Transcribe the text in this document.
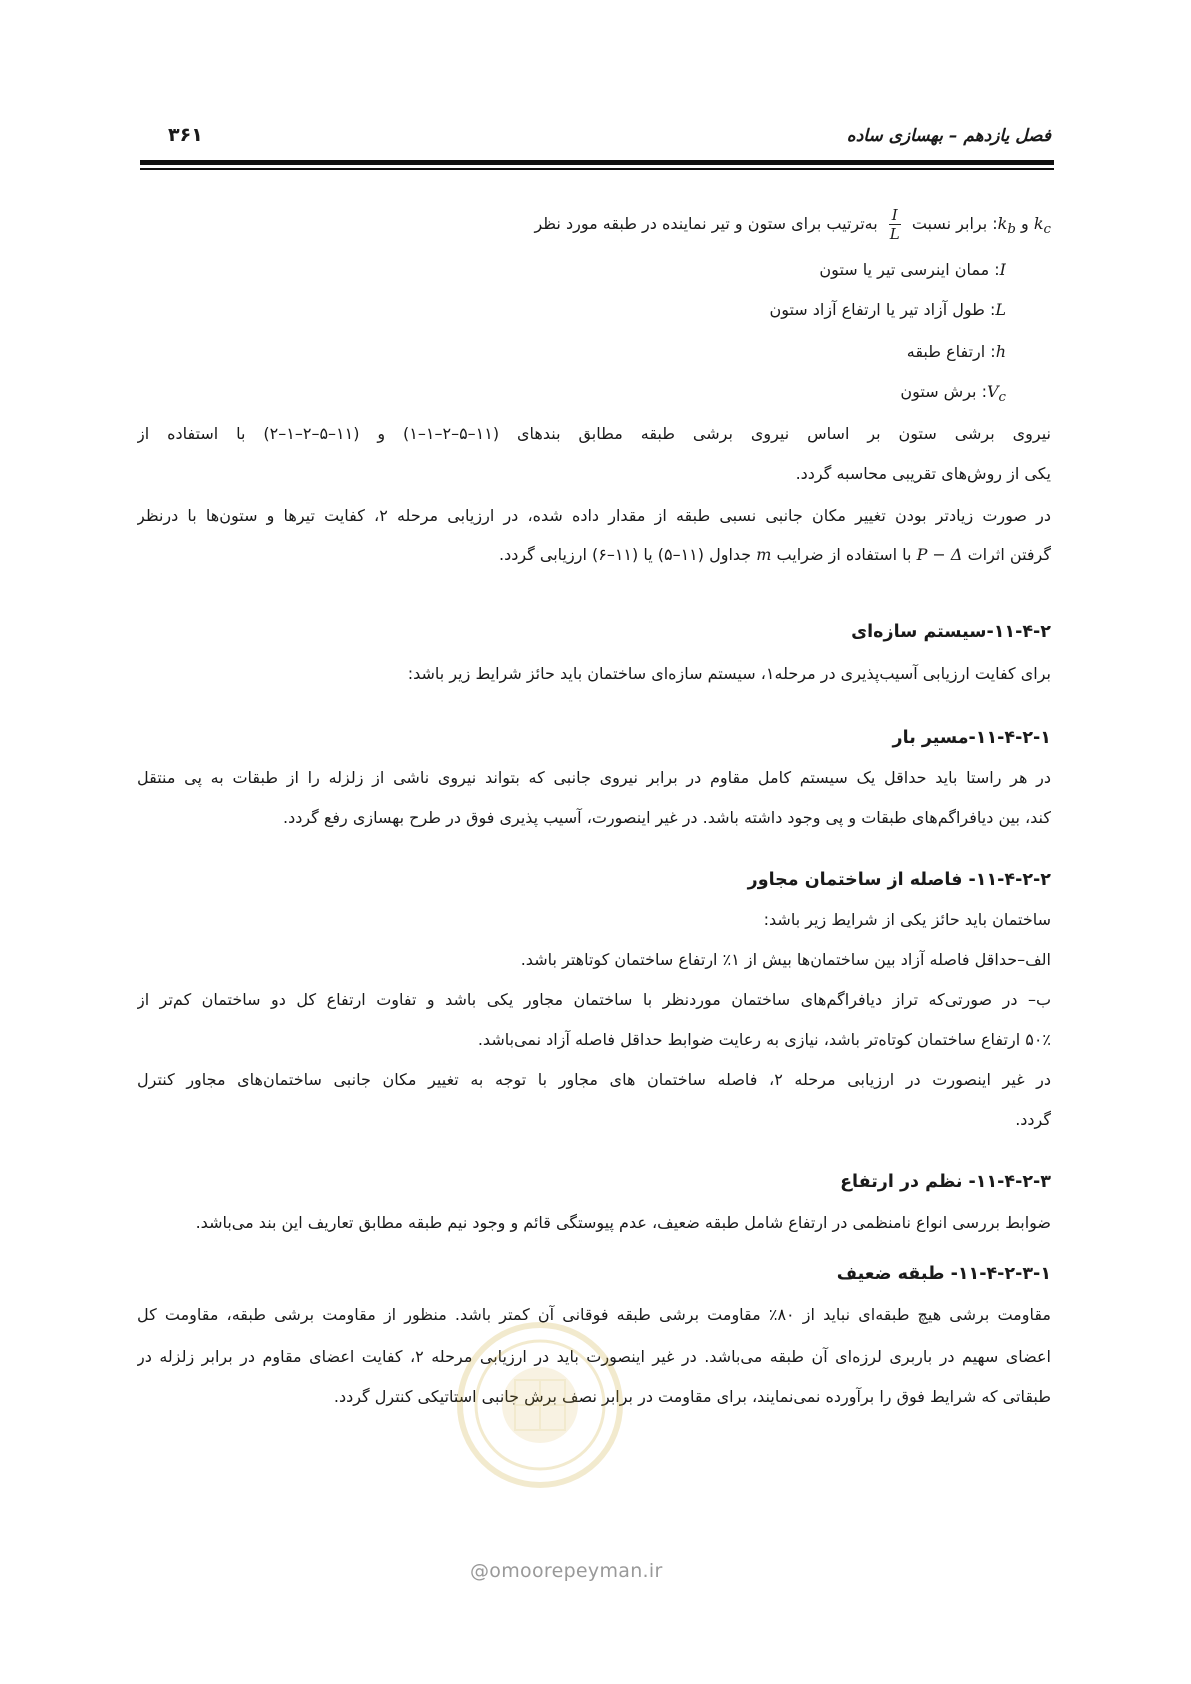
فصل یازدهم – بهسازی ساده
۳۶۱
$k_c$ و $k_b$: برابر نسبت
$\frac{I}{L}$
به‌ترتیب برای ستون و تیر نماینده در طبقه مورد نظر
I: ممان اینرسی تیر یا ستون
L: طول آزاد تیر یا ارتفاع آزاد ستون
h: ارتفاع طبقه
$V_c$: برش ستون
نیروی برشی ستون بر اساس نیروی برشی طبقه مطابق بندهای (۱۱–۵–۲–۱–۱) و (۱۱–۵–۲–۱–۲) با استفاده از
یکی از روش‌های تقریبی محاسبه گردد.
در صورت زیادتر بودن تغییر مکان جانبی نسبی طبقه از مقدار داده شده، در ارزیابی مرحله ۲، کفایت تیرها و ستون‌ها با درنظر
گرفتن اثرات P − Δ با استفاده از ضرایب m جداول (۱۱–۵) یا (۱۱–۶) ارزیابی گردد.
۱۱-۴-۲-سیستم سازه‌ای
برای کفایت ارزیابی آسیب‌پذیری در مرحله۱، سیستم سازه‌ای ساختمان باید حائز شرایط زیر باشد:
۱۱-۴-۲-۱-مسیر بار
در هر راستا باید حداقل یک سیستم کامل مقاوم در برابر نیروی جانبی که بتواند نیروی ناشی از زلزله را از طبقات به پی منتقل
کند، بین دیافراگم‌های طبقات و پی وجود داشته باشد. در غیر اینصورت، آسیب پذیری فوق در طرح بهسازی رفع گردد.
۱۱-۴-۲-۲- فاصله از ساختمان مجاور
ساختمان باید حائز یکی از شرایط زیر باشد:
الف–حداقل فاصله آزاد بین ساختمان‌ها بیش از ۱٪ ارتفاع ساختمان کوتاهتر باشد.
ب– در صورتی‌که تراز دیافراگم‌های ساختمان موردنظر با ساختمان مجاور یکی باشد و تفاوت ارتفاع کل دو ساختمان کم‌تر از
۵۰٪ ارتفاع ساختمان کوتاه‌تر باشد، نیازی به رعایت ضوابط حداقل فاصله آزاد نمی‌باشد.
در غیر اینصورت در ارزیابی مرحله ۲، فاصله ساختمان های مجاور با توجه به تغییر مکان جانبی ساختمان‌های مجاور کنترل
گردد.
۱۱-۴-۲-۳- نظم در ارتفاع
ضوابط بررسی انواع نامنظمی در ارتفاع شامل طبقه ضعیف، عدم پیوستگی قائم و وجود نیم طبقه مطابق تعاریف این بند می‌باشد.
۱۱-۴-۲-۳-۱- طبقه ضعیف
مقاومت برشی هیچ طبقه‌ای نباید از ۸۰٪ مقاومت برشی طبقه فوقانی آن کمتر باشد. منظور از مقاومت برشی طبقه، مقاومت کل
اعضای سهیم در باربری لرزه‌ای آن طبقه می‌باشد. در غیر اینصورت باید در ارزیابی مرحله ۲، کفایت اعضای مقاوم در برابر زلزله در
طبقاتی که شرایط فوق را برآورده نمی‌نمایند، برای مقاومت در برابر نصف برش جانبی استاتیکی کنترل گردد.
@omoorepeyman.ir
